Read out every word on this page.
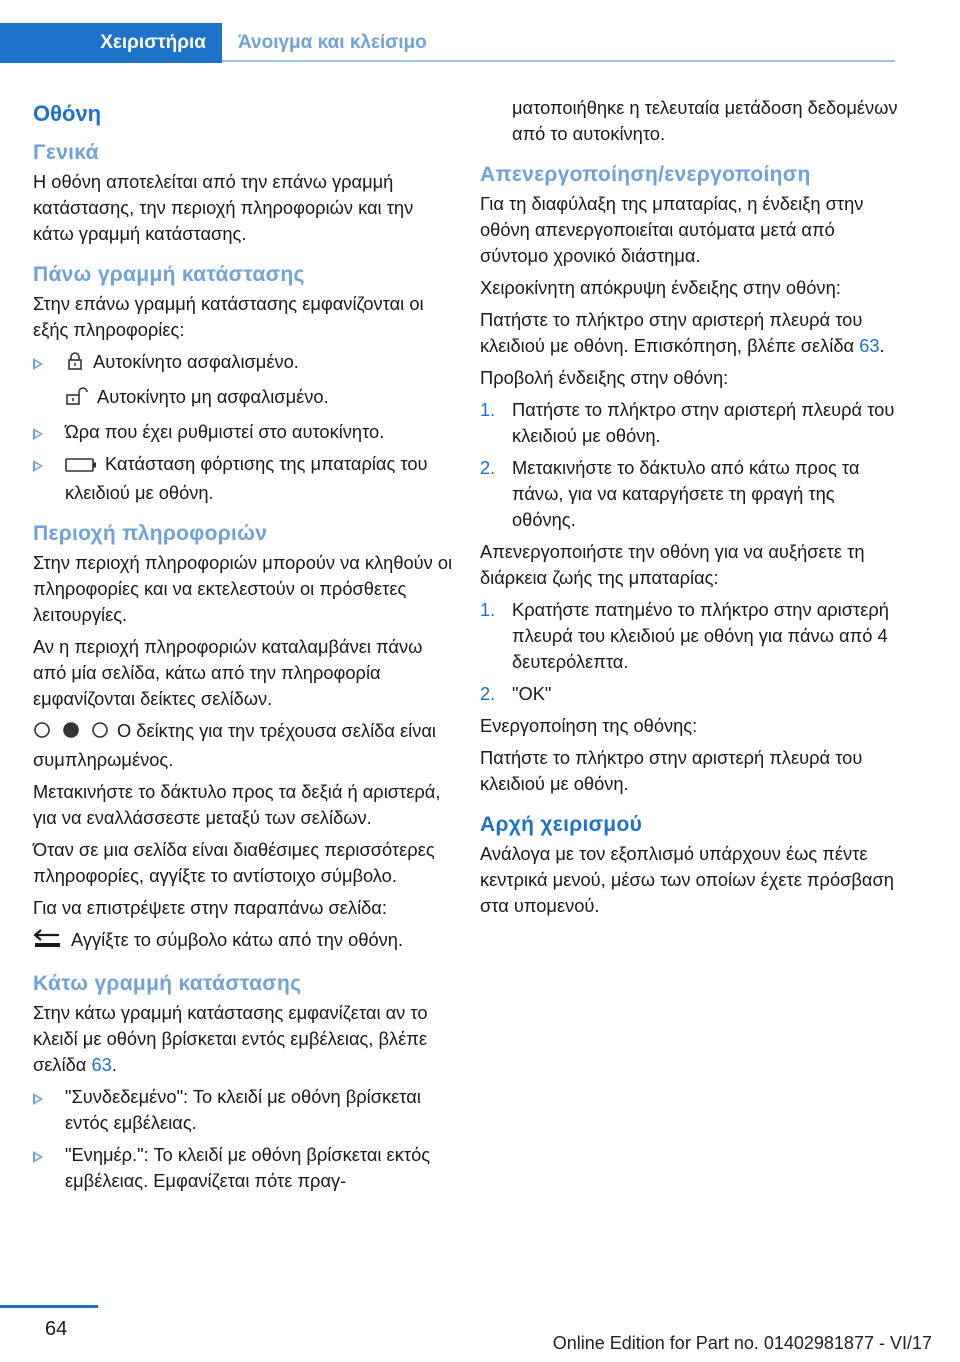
Χειριστήρια	Άνοιγμα και κλείσιμο
Οθόνη
Γενικά
Η οθόνη αποτελείται από την επάνω γραμμή κατάστασης, την περιοχή πληροφοριών και την κάτω γραμμή κατάστασης.
Πάνω γραμμή κατάστασης
Στην επάνω γραμμή κατάστασης εμφανίζονται οι εξής πληροφορίες:
Αυτοκίνητο ασφαλισμένο.
Αυτοκίνητο μη ασφαλισμένο.
Ώρα που έχει ρυθμιστεί στο αυτοκίνητο.
Κατάσταση φόρτισης της μπαταρίας του κλειδιού με οθόνη.
Περιοχή πληροφοριών
Στην περιοχή πληροφοριών μπορούν να κληθούν οι πληροφορίες και να εκτελεστούν οι πρόσθετες λειτουργίες.
Αν η περιοχή πληροφοριών καταλαμβάνει πάνω από μία σελίδα, κάτω από την πληροφορία εμφανίζονται δείκτες σελίδων.
Ο δείκτης για την τρέχουσα σελίδα είναι συμπληρωμένος.
Μετακινήστε το δάκτυλο προς τα δεξιά ή αριστερά, για να εναλλάσσεστε μεταξύ των σελίδων.
Όταν σε μια σελίδα είναι διαθέσιμες περισσότερες πληροφορίες, αγγίξτε το αντίστοιχο σύμβολο.
Για να επιστρέψετε στην παραπάνω σελίδα:
Αγγίξτε το σύμβολο κάτω από την οθόνη.
Κάτω γραμμή κατάστασης
Στην κάτω γραμμή κατάστασης εμφανίζεται αν το κλειδί με οθόνη βρίσκεται εντός εμβέλειας, βλέπε σελίδα 63.
"Συνδεδεμένο": Το κλειδί με οθόνη βρίσκεται εντός εμβέλειας.
"Ενημέρ.": Το κλειδί με οθόνη βρίσκεται εκτός εμβέλειας. Εμφανίζεται πότε πραγ-
ματοποιήθηκε η τελευταία μετάδοση δεδομένων από το αυτοκίνητο.
Απενεργοποίηση/ενεργοποίηση
Για τη διαφύλαξη της μπαταρίας, η ένδειξη στην οθόνη απενεργοποιείται αυτόματα μετά από σύντομο χρονικό διάστημα.
Χειροκίνητη απόκρυψη ένδειξης στην οθόνη:
Πατήστε το πλήκτρο στην αριστερή πλευρά του κλειδιού με οθόνη. Επισκόπηση, βλέπε σελίδα 63.
Προβολή ένδειξης στην οθόνη:
1. Πατήστε το πλήκτρο στην αριστερή πλευρά του κλειδιού με οθόνη.
2. Μετακινήστε το δάκτυλο από κάτω προς τα πάνω, για να καταργήσετε τη φραγή της οθόνης.
Απενεργοποιήστε την οθόνη για να αυξήσετε τη διάρκεια ζωής της μπαταρίας:
1. Κρατήστε πατημένο το πλήκτρο στην αριστερή πλευρά του κλειδιού με οθόνη για πάνω από 4 δευτερόλεπτα.
2. "OK"
Ενεργοποίηση της οθόνης:
Πατήστε το πλήκτρο στην αριστερή πλευρά του κλειδιού με οθόνη.
Αρχή χειρισμού
Ανάλογα με τον εξοπλισμό υπάρχουν έως πέντε κεντρικά μενού, μέσω των οποίων έχετε πρόσβαση στα υπομενού.
64
Online Edition for Part no. 01402981877 - VI/17
